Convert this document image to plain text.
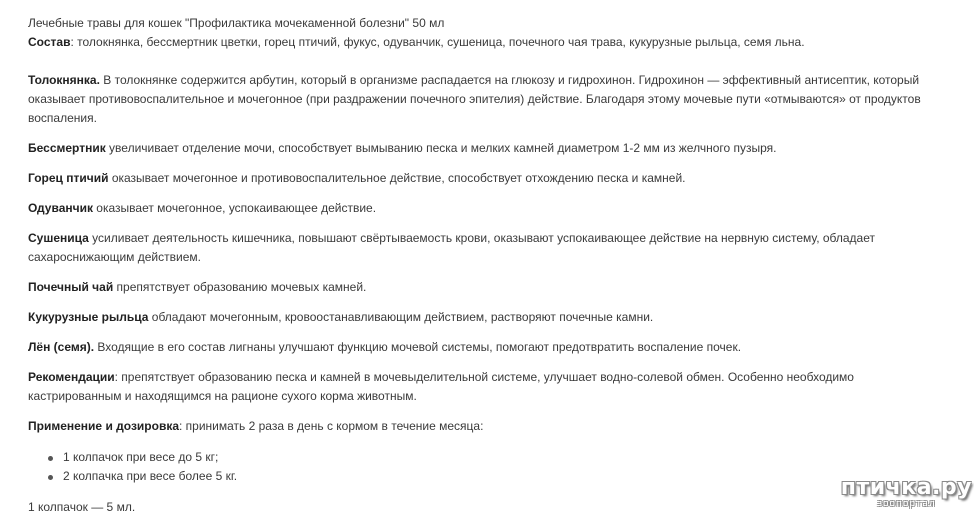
Лечебные травы для кошек "Профилактика мочекаменной болезни" 50 мл
Состав: толокнянка, бессмертник цветки, горец птичий, фукус, одуванчик, сушеница, почечного чая трава, кукурузные рыльца, семя льна.
Толокнянка. В толокнянке содержится арбутин, который в организме распадается на глюкозу и гидрохинон. Гидрохинон — эффективный антисептик, который
оказывает противовоспалительное и мочегонное (при раздражении почечного эпителия) действие. Благодаря этому мочевые пути «отмываются» от продуктов
воспаления.
Бессмертник увеличивает отделение мочи, способствует вымыванию песка и мелких камней диаметром 1-2 мм из желчного пузыря.
Горец птичий оказывает мочегонное и противовоспалительное действие, способствует отхождению песка и камней.
Одуванчик оказывает мочегонное, успокаивающее действие.
Сушеница усиливает деятельность кишечника, повышают свёртываемость крови, оказывают успокаивающее действие на нервную систему, обладает
сахароснижающим действием.
Почечный чай препятствует образованию мочевых камней.
Кукурузные рыльца обладают мочегонным, кровоостанавливающим действием, растворяют почечные камни.
Лён (семя). Входящие в его состав лигнаны улучшают функцию мочевой системы, помогают предотвратить воспаление почек.
Рекомендации: препятствует образованию песка и камней в мочевыделительной системе, улучшает водно-солевой обмен. Особенно необходимо
кастрированным и находящимся на рационе сухого корма животным.
Применение и дозировка: принимать 2 раза в день с кормом в течение месяца:
1 колпачок при весе до 5 кг;
2 колпачка при весе более 5 кг.
1 колпачок — 5 мл.
птичка.ру
зоопортал
